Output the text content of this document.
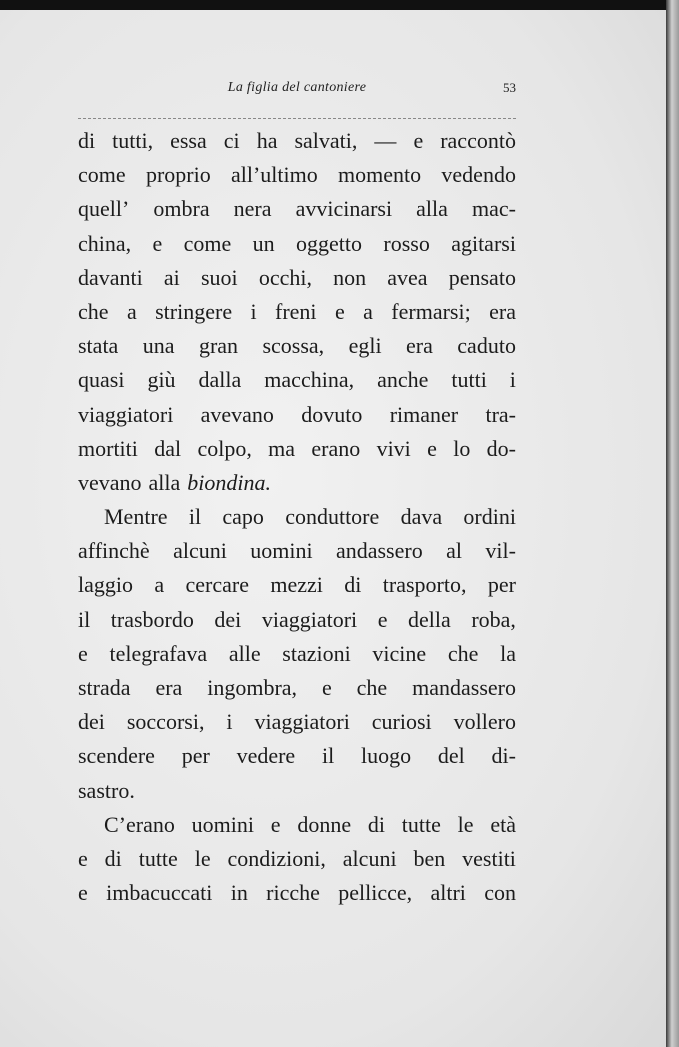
La figlia del cantoniere	53
di tutti, essa ci ha salvati, — e raccontò
come proprio all’ultimo momento vedendo
quell’ ombra nera avvicinarsi alla mac-
china, e come un oggetto rosso agitarsi
davanti ai suoi occhi, non avea pensato
che a stringere i freni e a fermarsi; era
stata una gran scossa, egli era caduto
quasi giù dalla macchina, anche tutti i
viaggiatori avevano dovuto rimaner tra-
mortiti dal colpo, ma erano vivi e lo do-
vevano alla biondina.
Mentre il capo conduttore dava ordini
affinchè alcuni uomini andassero al vil-
laggio a cercare mezzi di trasporto, per
il trasbordo dei viaggiatori e della roba,
e telegrafava alle stazioni vicine che la
strada era ingombra, e che mandassero
dei soccorsi, i viaggiatori curiosi vollero
scendere per vedere il luogo del di-
sastro.
C’erano uomini e donne di tutte le età
e di tutte le condizioni, alcuni ben vestiti
e imbacuccati in ricche pellicce, altri con
